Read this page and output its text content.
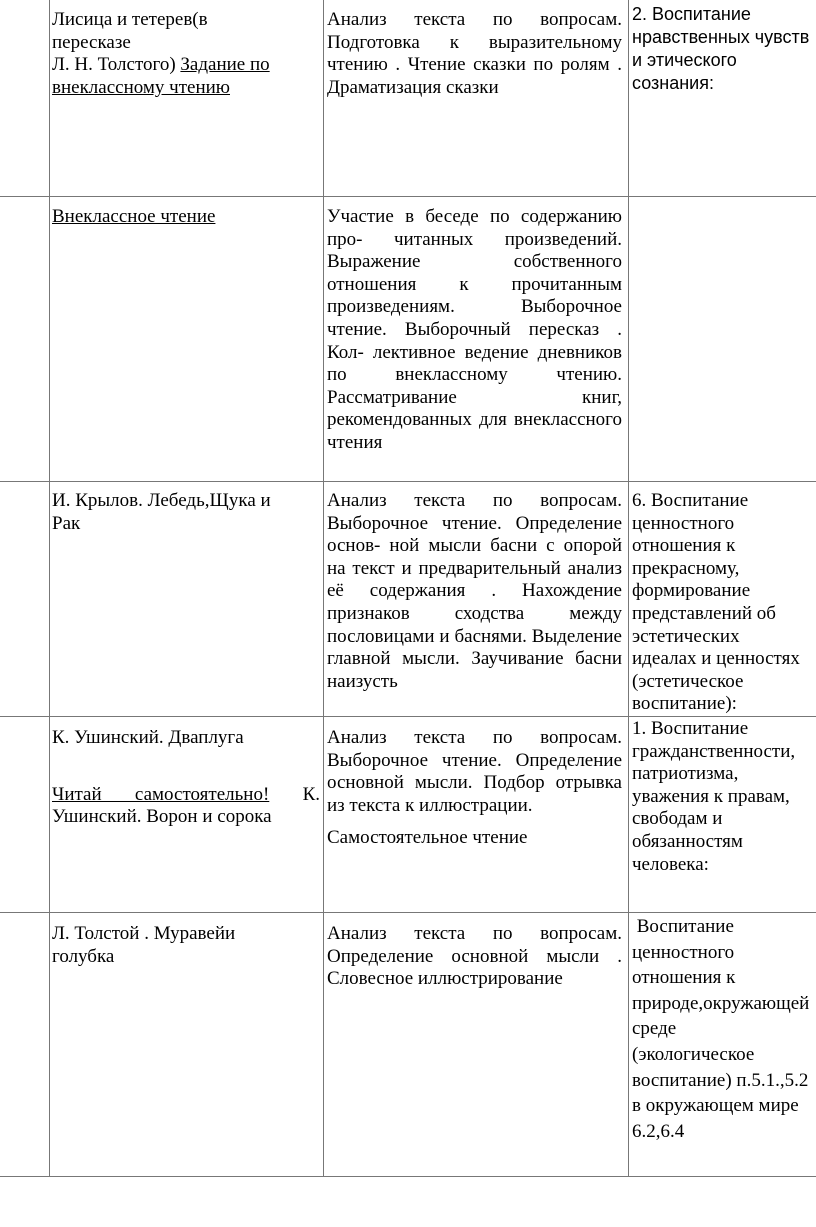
Лисица и тетерев(в
пересказе
Л. Н. Толстого) Задание по
внеклассному чтению
Анализ текста по вопросам. Подготовка к выразительному чтению . Чтение сказки по ролям . Драматизация сказки
2. Воспитание
нравственных чувств
и этического
сознания:
Внеклассное чтение	Участие в беседе по содержанию про- читанных произведений. Выражение собственного отношения к прочитанным произведениям. Выборочное чтение. Выборочный пересказ . Кол- лективное ведение дневников по внеклассному чтению. Рассматривание книг, рекомендованных для внеклассного чтения
И. Крылов. Лебедь,Щука и Рак
Анализ текста по вопросам. Выборочное чтение. Определение основ- ной мысли басни с опорой на текст и предварительный анализ её содержания . Нахождение признаков сходства между пословицами и баснями. Выделение главной мысли. Заучивание басни наизусть
6. Воспитание
ценностного
отношения к
прекрасному,
формирование
представлений об
эстетических
идеалах и ценностях
(эстетическое
воспитание):
К. Ушинский. Дваплуга
Читай самостоятельно! К.
Ушинский. Ворон и сорока
Анализ текста по вопросам. Выборочное чтение. Определение основной мысли. Подбор отрывка из текста к иллюстрации.
Самостоятельное чтение
1. Воспитание
гражданственности,
патриотизма,
уважения к правам,
свободам и
обязанностям
человека:
Л. Толстой . Муравейи голубка
Анализ текста по вопросам. Определение основной мысли . Словесное иллюстрирование
Воспитание
ценностного
отношения к
природе,окружающей
среде
(экологическое
воспитание) п.5.1.,5.2
в окружающем мире
6.2,6.4
